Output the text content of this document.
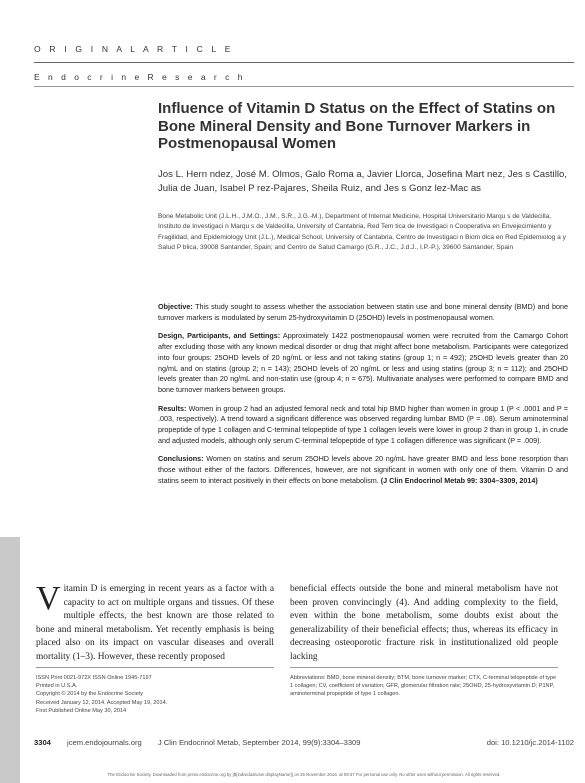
O R I G I N A L A R T I C L E
E n d o c r i n e R e s e a r c h
Influence of Vitamin D Status on the Effect of Statins on Bone Mineral Density and Bone Turnover Markers in Postmenopausal Women
Jos L. Hern ndez, José M. Olmos, Galo Roma a, Javier Llorca, Josefina Mart nez, Jes s Castillo, Julia de Juan, Isabel P rez-Pajares, Sheila Ruiz, and Jes s Gonz lez-Mac as
Bone Metabolic Unit (J.L.H., J.M.O., J.M., S.R., J.G.-M.), Department of Internal Medicine, Hospital Universitario Marqu s de Valdecilla, Instituto de Investigaci n Marqu s de Valdecilla, University of Cantabria, Red Tem tica de Investigaci n Cooperativa en Envejecimiento y Fragilidad, and Epidemiology Unit (J.L.), Medical School, University of Cantabria, Centro de Investigaci n Biom dica en Red Epidemiolog a y Salud P blica, 39008 Santander, Spain; and Centro de Salud Camargo (G.R., J.C., J.d.J., I.P.-P.), 39600 Santander, Spain

Objective: This study sought to assess whether the association between statin use and bone mineral density (BMD) and bone turnover markers is modulated by serum 25-hydroxyvitamin D (25OHD) levels in postmenopausal women.

Design, Participants, and Settings: Approximately 1422 postmenopausal women were recruited from the Camargo Cohort after excluding those with any known medical disorder or drug that might affect bone metabolism. Participants were categorized into four groups: 25OHD levels of 20 ng/mL or less and not taking statins (group 1; n = 492); 25OHD levels greater than 20 ng/mL and on statins (group 2; n = 143); 25OHD levels of 20 ng/mL or less and using statins (group 3; n = 112); and 25OHD levels greater than 20 ng/mL and non-statin use (group 4; n = 675). Multivariate analyses were performed to compare BMD and bone turnover markers between groups.

Results: Women in group 2 had an adjusted femoral neck and total hip BMD higher than women in group 1 (P < .0001 and P = .003, respectively). A trend toward a significant difference was observed regarding lumbar BMD (P = .08). Serum aminoterminal propeptide of type 1 collagen and C-terminal telopeptide of type 1 collagen levels were lower in group 2 than in group 1, in crude and adjusted models, although only serum C-terminal telopeptide of type 1 collagen difference was significant (P = .009).

Conclusions: Women on statins and serum 25OHD levels above 20 ng/mL have greater BMD and less bone resorption than those without either of the factors. Differences, however, are not significant in women with only one of them. Vitamin D and statins seem to interact positively in their effects on bone metabolism. (J Clin Endocrinol Metab 99: 3304–3309, 2014)

Vitamin D is emerging in recent years as a factor with a capacity to act on multiple organs and tissues. Of these multiple effects, the best known are those related to bone and mineral metabolism. Yet recently emphasis is being placed also on its impact on vascular diseases and overall mortality (1–3). However, these recently proposed
beneficial effects outside the bone and mineral metabolism have not been proven convincingly (4). And adding complexity to the field, even within the bone metabolism, some doubts exist about the generalizability of their beneficial effects; thus, whereas its efficacy in decreasing osteoporotic fracture risk in institutionalized old people lacking
ISSN Print 0021-972X ISSN Online 1945-7197
Printed in U.S.A.
Copyright © 2014 by the Endocrine Society
Received January 12, 2014. Accepted May 19, 2014.
First Published Online May 30, 2014
Abbreviations: BMD, bone mineral density; BTM, bone turnover marker; CTX, C-terminal telopeptide of type 1 collagen; CV, coefficient of variation; GFR, glomerular filtration rate; 25OHD, 25-hydroxyvitamin D; P1NP, aminoterminal propeptide of type 1 collagen.
3304 jcem.endojournals.org J Clin Endocrinol Metab, September 2014, 99(9):3304–3309	doi: 10.1210/jc.2014-1102
The Endocrine Society. Downloaded from press.endocrine.org by [${individualUser.displayName}] on 26 November 2016. at 09:37 For personal use only. No other uses without permission. All rights reserved.
